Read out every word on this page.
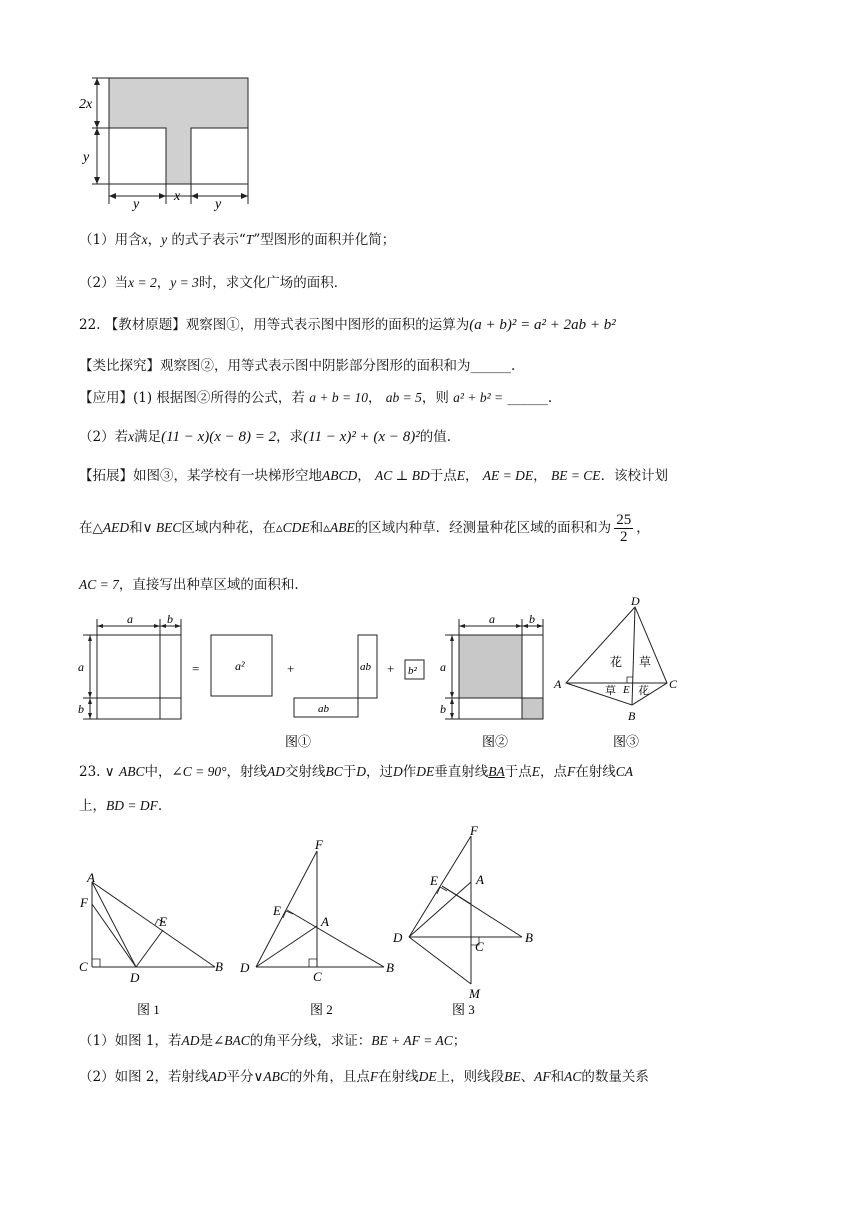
2x
y
y
x
y
（1）用含x，y 的式子表示“T”型图形的面积并化简；
（2）当x = 2，y = 3时，求文化广场的面积．
22. 【教材原题】观察图①，用等式表示图中图形的面积的运算为(a + b)² = a² + 2ab + b²
【类比探究】观察图②，用等式表示图中阴影部分图形的面积和为______.
【应用】(1) 根据图②所得的公式，若 a + b = 10， ab = 5，则 a² + b² = ______.
（2）若x满足(11 − x)(x − 8) = 2，求(11 − x)² + (x − 8)²的值.
【拓展】如图③，某学校有一块梯形空地ABCD， AC ⊥ BD于点E， AE = DE， BE = CE．该校计划
在△AED和∨ BEC区域内种花，在▵CDE和▵ABE的区域内种草．经测量种花区域的面积和为 $\frac{25}{2}$ ，
AC = 7，直接写出种草区域的面积和.
a	b
a
b
=	a²	+	ab
ab
+ b²
图①
a	b
a
b
图②
D
A
B
C
E
花 草
草 花
图③
23. ∨ ABC中，∠C = 90°，射线AD交射线BC于D，过D作DE垂直射线BA于点E，点F在射线CA
上，BD = DF.
A
F
E
C
D
B
图 1
F
E
A
D
C
B
图 2
F
E	A
D
C
B
M
图 3
（1）如图 1，若AD是∠BAC的角平分线，求证：BE + AF = AC；
（2）如图 2，若射线AD平分∨ABC的外角，且点F在射线DE上，则线段BE、AF和AC的数量关系
